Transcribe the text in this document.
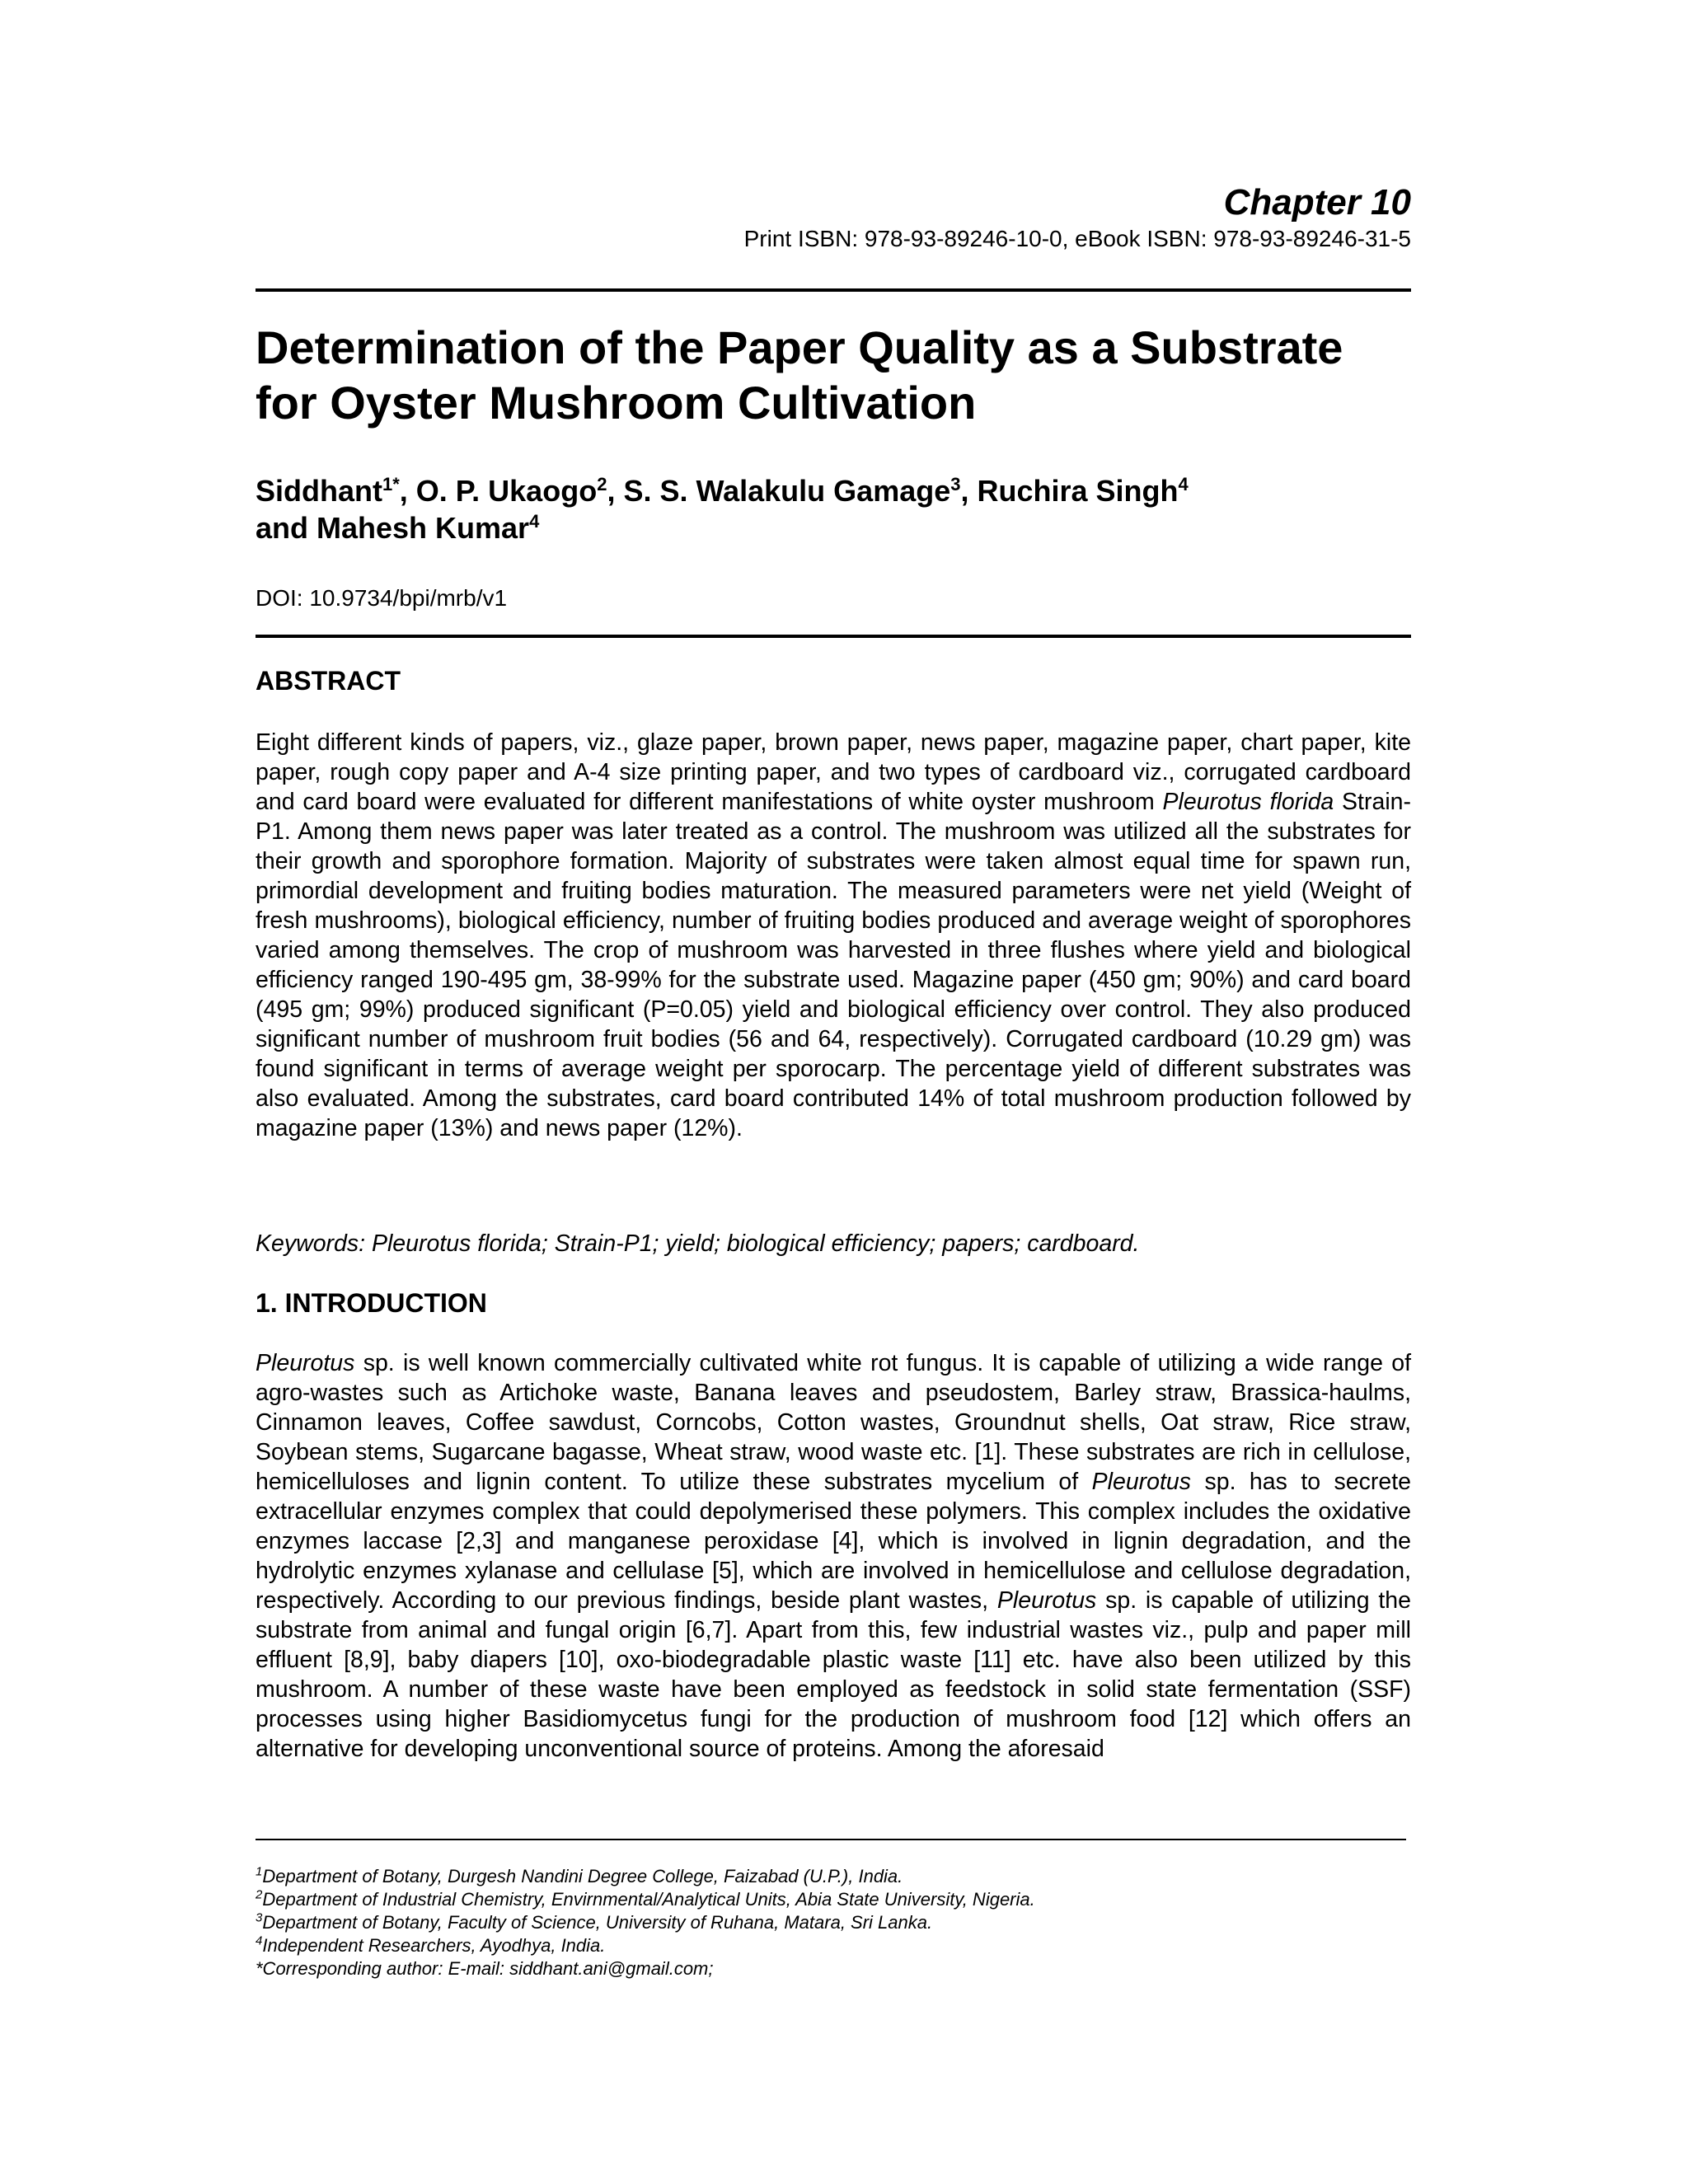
Chapter 10
Print ISBN: 978-93-89246-10-0, eBook ISBN: 978-93-89246-31-5
Determination of the Paper Quality as a Substrate
for Oyster Mushroom Cultivation
Siddhant$^{1*}$, O. P. Ukaogo$^2$, S. S. Walakulu Gamage$^3$, Ruchira Singh$^4$
and Mahesh Kumar$^4$
DOI: 10.9734/bpi/mrb/v1
ABSTRACT

Eight different kinds of papers, viz., glaze paper, brown paper, news paper, magazine paper, chart paper, kite paper, rough copy paper and A-4 size printing paper, and two types of cardboard viz., corrugated cardboard and card board were evaluated for different manifestations of white oyster mushroom Pleurotus florida Strain-P1. Among them news paper was later treated as a control. The mushroom was utilized all the substrates for their growth and sporophore formation. Majority of substrates were taken almost equal time for spawn run, primordial development and fruiting bodies maturation. The measured parameters were net yield (Weight of fresh mushrooms), biological efficiency, number of fruiting bodies produced and average weight of sporophores varied among themselves. The crop of mushroom was harvested in three flushes where yield and biological efficiency ranged 190-495 gm, 38-99% for the substrate used. Magazine paper (450 gm; 90%) and card board (495 gm; 99%) produced significant (P=0.05) yield and biological efficiency over control. They also produced significant number of mushroom fruit bodies (56 and 64, respectively). Corrugated cardboard (10.29 gm) was found significant in terms of average weight per sporocarp. The percentage yield of different substrates was also evaluated. Among the substrates, card board contributed 14% of total mushroom production followed by magazine paper (13%) and news paper (12%).

Keywords: Pleurotus florida; Strain-P1; yield; biological efficiency; papers; cardboard.
1. INTRODUCTION

Pleurotus sp. is well known commercially cultivated white rot fungus. It is capable of utilizing a wide range of agro-wastes such as Artichoke waste, Banana leaves and pseudostem, Barley straw, Brassica-haulms, Cinnamon leaves, Coffee sawdust, Corncobs, Cotton wastes, Groundnut shells, Oat straw, Rice straw, Soybean stems, Sugarcane bagasse, Wheat straw, wood waste etc. [1]. These substrates are rich in cellulose, hemicelluloses and lignin content. To utilize these substrates mycelium of Pleurotus sp. has to secrete extracellular enzymes complex that could depolymerised these polymers. This complex includes the oxidative enzymes laccase [2,3] and manganese peroxidase [4], which is involved in lignin degradation, and the hydrolytic enzymes xylanase and cellulase [5], which are involved in hemicellulose and cellulose degradation, respectively. According to our previous findings, beside plant wastes, Pleurotus sp. is capable of utilizing the substrate from animal and fungal origin [6,7]. Apart from this, few industrial wastes viz., pulp and paper mill effluent [8,9], baby diapers [10], oxo-biodegradable plastic waste [11] etc. have also been utilized by this mushroom. A number of these waste have been employed as feedstock in solid state fermentation (SSF) processes using higher Basidiomycetus fungi for the production of mushroom food [12] which offers an alternative for developing unconventional source of proteins. Among the aforesaid

$^1$Department of Botany, Durgesh Nandini Degree College, Faizabad (U.P.), India.
$^2$Department of Industrial Chemistry, Envirnmental/Analytical Units, Abia State University, Nigeria.
$^3$Department of Botany, Faculty of Science, University of Ruhana, Matara, Sri Lanka.
$^4$Independent Researchers, Ayodhya, India.
*Corresponding author: E-mail: siddhant.ani@gmail.com;
